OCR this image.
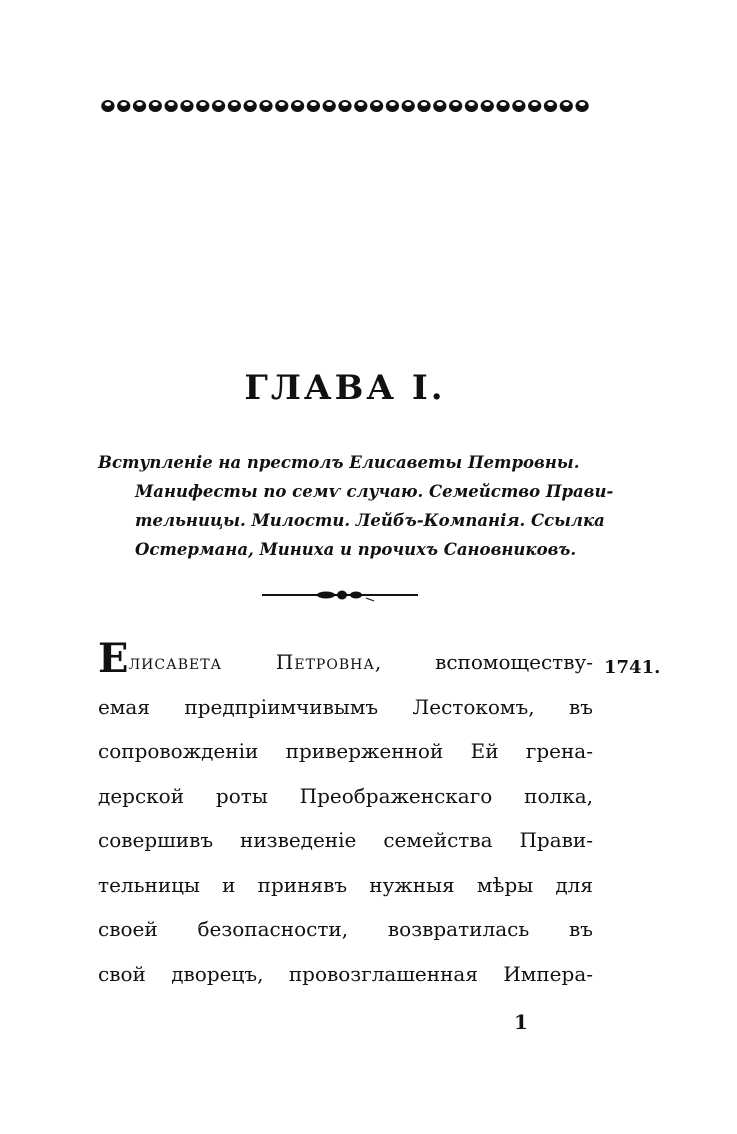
ГЛАВА I.
Вступленіе на престолъ Елисаветы Петровны.
Манифесты по семѵ случаю. Семейство Прави-
тельницы. Милости. Лейбъ-Компанія. Ссылка
Остермана, Миниха и прочихъ Сановниковъ.
Елисавета Петровна,	вспомоществу-
емая предпріимчивымъ Лестокомъ, въ
сопровожденіи приверженной Ей грена-
дерской роты Преображенскаго полка,
совершивъ низведеніе семейства Прави-
тельницы и принявъ нужныя мѣры для
своей безопасности, возвратилась въ
свой дворецъ, провозглашенная Импера-
1741.
1
